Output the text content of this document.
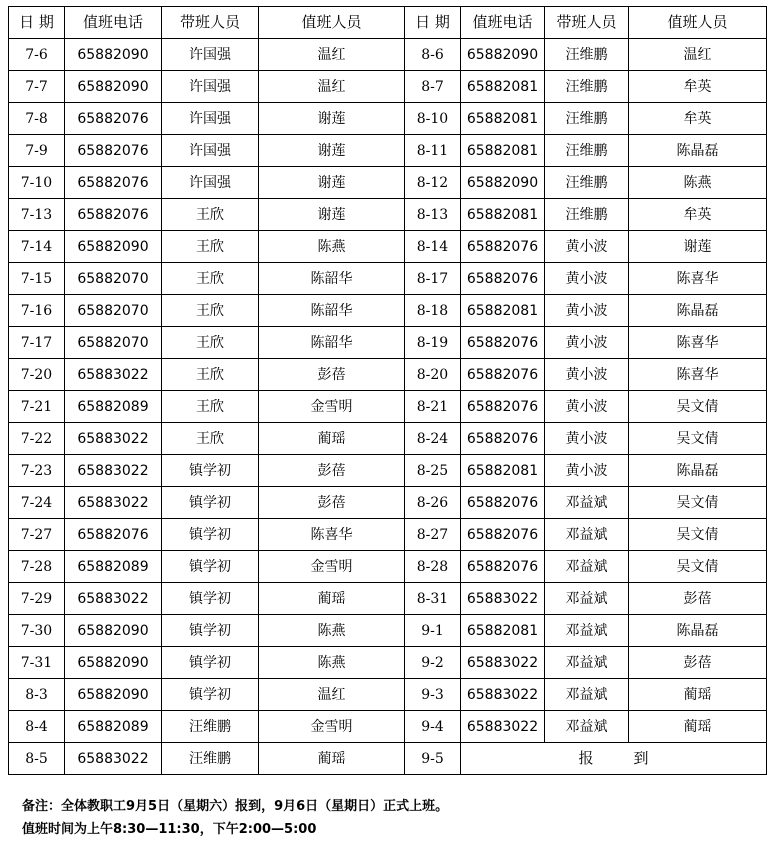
日 期	值班电话	带班人员	值班人员	日 期	值班电话	带班人员	值班人员
7-6	65882090	许国强	温红	8-6	65882090	汪维鹏	温红
7-7	65882090	许国强	温红	8-7	65882081	汪维鹏	牟英
7-8	65882076	许国强	谢莲	8-10	65882081	汪维鹏	牟英
7-9	65882076	许国强	谢莲	8-11	65882081	汪维鹏	陈晶磊
7-10	65882076	许国强	谢莲	8-12	65882090	汪维鹏	陈燕
7-13	65882076	王欣	谢莲	8-13	65882081	汪维鹏	牟英
7-14	65882090	王欣	陈燕	8-14	65882076	黄小波	谢莲
7-15	65882070	王欣	陈韶华	8-17	65882076	黄小波	陈喜华
7-16	65882070	王欣	陈韶华	8-18	65882081	黄小波	陈晶磊
7-17	65882070	王欣	陈韶华	8-19	65882076	黄小波	陈喜华
7-20	65883022	王欣	彭蓓	8-20	65882076	黄小波	陈喜华
7-21	65882089	王欣	金雪明	8-21	65882076	黄小波	吴文倩
7-22	65883022	王欣	蔺瑶	8-24	65882076	黄小波	吴文倩
7-23	65883022	镇学初	彭蓓	8-25	65882081	黄小波	陈晶磊
7-24	65883022	镇学初	彭蓓	8-26	65882076	邓益斌	吴文倩
7-27	65882076	镇学初	陈喜华	8-27	65882076	邓益斌	吴文倩
7-28	65882089	镇学初	金雪明	8-28	65882076	邓益斌	吴文倩
7-29	65883022	镇学初	蔺瑶	8-31	65883022	邓益斌	彭蓓
7-30	65882090	镇学初	陈燕	9-1	65882081	邓益斌	陈晶磊
7-31	65882090	镇学初	陈燕	9-2	65883022	邓益斌	彭蓓
8-3	65882090	镇学初	温红	9-3	65883022	邓益斌	蔺瑶
8-4	65882089	汪维鹏	金雪明	9-4	65883022	邓益斌	蔺瑶
8-5	65883022	汪维鹏	蔺瑶	9-5	报 到		
备注：全体教职工9月5日（星期六）报到，9月6日（星期日）正式上班。
值班时间为上午8:30—11:30，下午2:00—5:00
